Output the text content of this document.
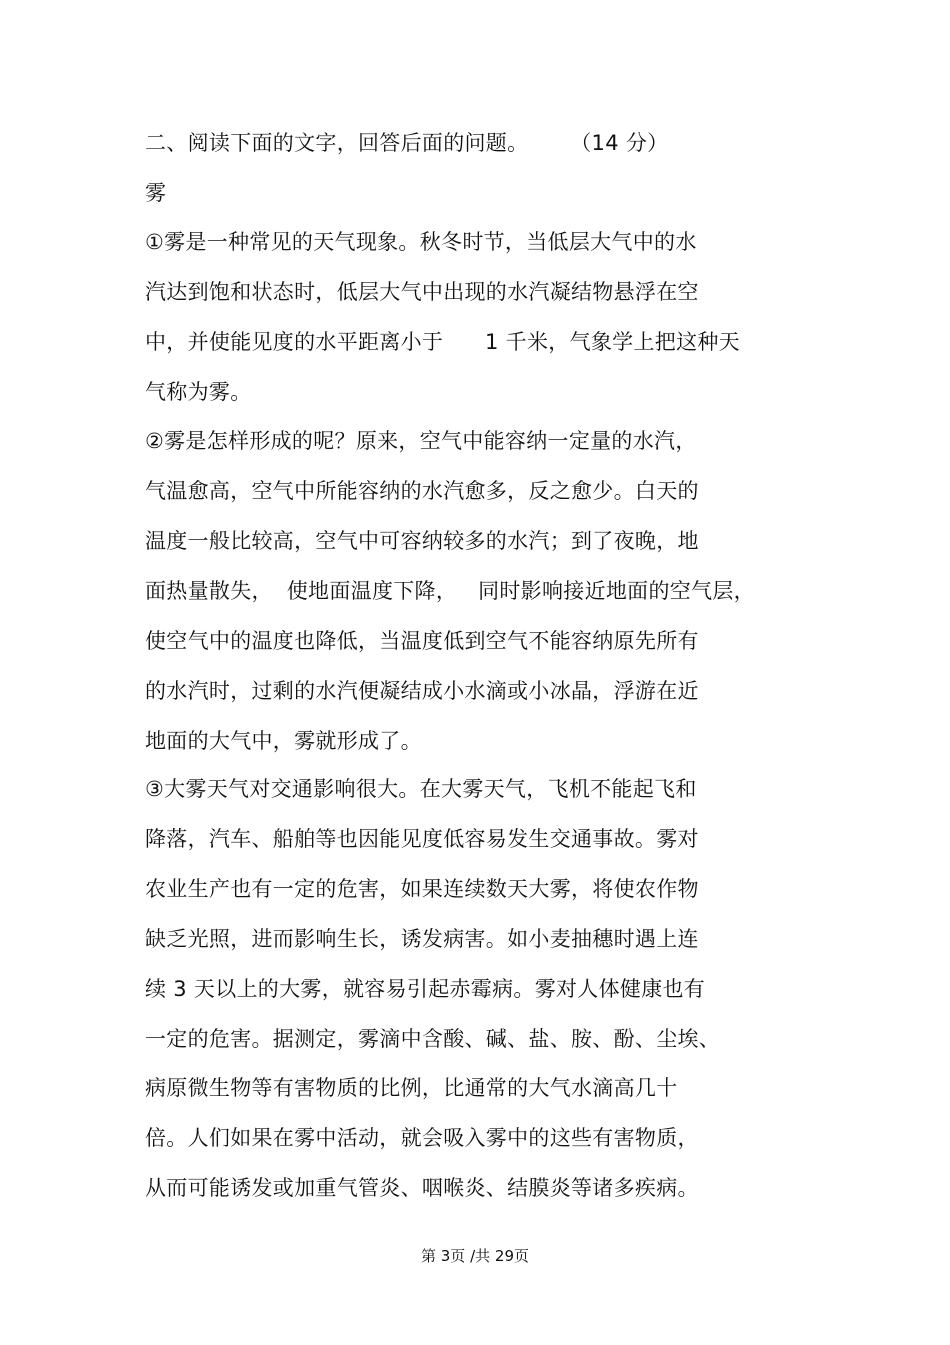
二、阅读下面的文字，回答后面的问题。      （14 分）
雾
①雾是一种常见的天气现象。秋冬时节，当低层大气中的水
汽达到饱和状态时，低层大气中出现的水汽凝结物悬浮在空
中，并使能见度的水平距离小于      1 千米，气象学上把这种天
气称为雾。
②雾是怎样形成的呢？原来，空气中能容纳一定量的水汽，
气温愈高，空气中所能容纳的水汽愈多，反之愈少。白天的
温度一般比较高，空气中可容纳较多的水汽；到了夜晚，地
面热量散失，  使地面温度下降，   同时影响接近地面的空气层，
使空气中的温度也降低，当温度低到空气不能容纳原先所有
的水汽时，过剩的水汽便凝结成小水滴或小冰晶，浮游在近
地面的大气中，雾就形成了。
③大雾天气对交通影响很大。在大雾天气，飞机不能起飞和
降落，汽车、船舶等也因能见度低容易发生交通事故。雾对
农业生产也有一定的危害，如果连续数天大雾，将使农作物
缺乏光照，进而影响生长，诱发病害。如小麦抽穗时遇上连
续 3 天以上的大雾，就容易引起赤霉病。雾对人体健康也有
一定的危害。据测定，雾滴中含酸、碱、盐、胺、酚、尘埃、
病原微生物等有害物质的比例，比通常的大气水滴高几十
倍。人们如果在雾中活动，就会吸入雾中的这些有害物质，
从而可能诱发或加重气管炎、咽喉炎、结膜炎等诸多疾病。
第 3页 /共 29页
